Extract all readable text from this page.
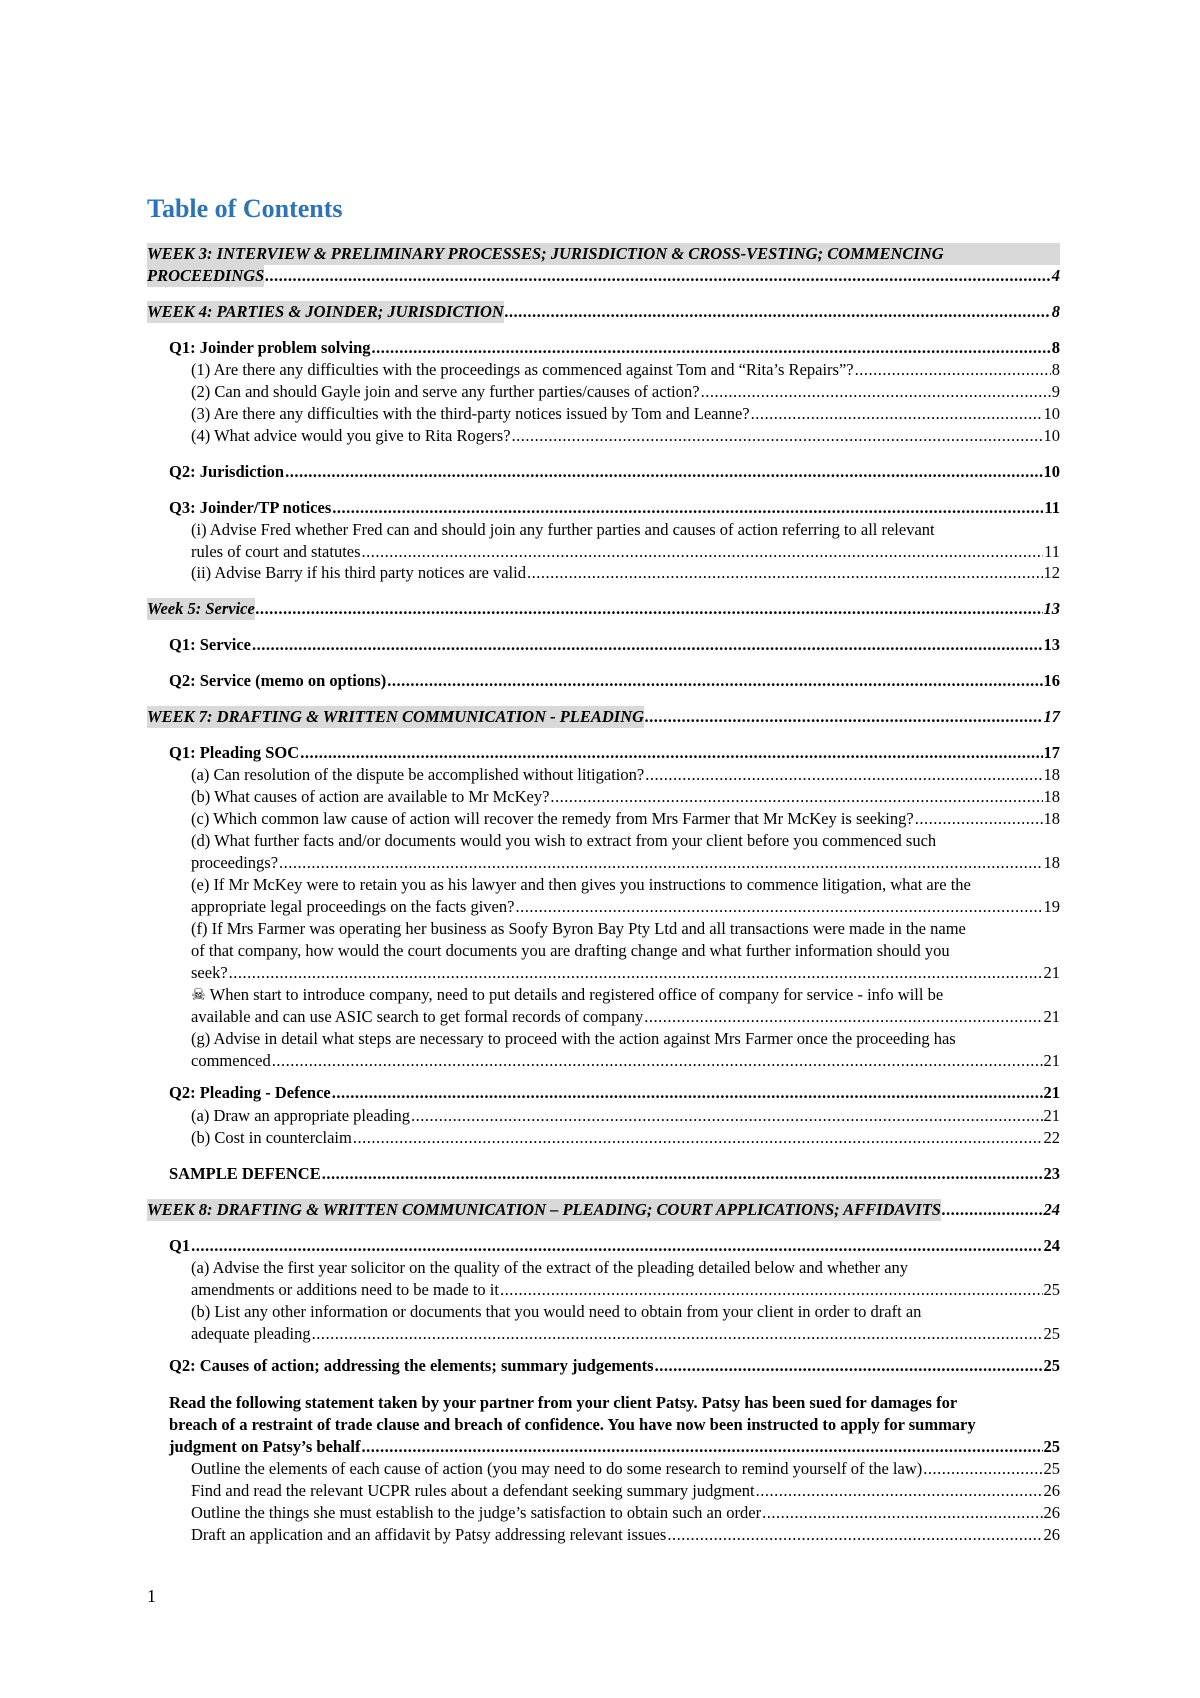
Table of Contents
WEEK 3: INTERVIEW & PRELIMINARY PROCESSES; JURISDICTION & CROSS-VESTING; COMMENCING
PROCEEDINGS .....	4
WEEK 4: PARTIES & JOINDER; JURISDICTION .....	8
Q1: Joinder problem solving .....	8
(1) Are there any difficulties with the proceedings as commenced against Tom and “Rita’s Repairs”? .....	8
(2) Can and should Gayle join and serve any further parties/causes of action? .....	9
(3) Are there any difficulties with the third-party notices issued by Tom and Leanne? .....	10
(4) What advice would you give to Rita Rogers? .....	10
Q2: Jurisdiction .....	10
Q3: Joinder/TP notices .....	11
(i) Advise Fred whether Fred can and should join any further parties and causes of action referring to all relevant
rules of court and statutes .....	11
(ii) Advise Barry if his third party notices are valid .....	12
Week 5: Service .....	13
Q1: Service .....	13
Q2: Service (memo on options) .....	16
WEEK 7: DRAFTING & WRITTEN COMMUNICATION - PLEADING .....	17
Q1: Pleading SOC .....	17
(a) Can resolution of the dispute be accomplished without litigation? .....	18
(b) What causes of action are available to Mr McKey? .....	18
(c) Which common law cause of action will recover the remedy from Mrs Farmer that Mr McKey is seeking? .....	18
(d) What further facts and/or documents would you wish to extract from your client before you commenced such
proceedings? .....	18
(e) If Mr McKey were to retain you as his lawyer and then gives you instructions to commence litigation, what are the
appropriate legal proceedings on the facts given? .....	19
(f) If Mrs Farmer was operating her business as Soofy Byron Bay Pty Ltd and all transactions were made in the name
of that company, how would the court documents you are drafting change and what further information should you
seek? .....	21
☠ When start to introduce company, need to put details and registered office of company for service - info will be
available and can use ASIC search to get formal records of company .....	21
(g) Advise in detail what steps are necessary to proceed with the action against Mrs Farmer once the proceeding has
commenced .....	21
Q2: Pleading - Defence .....	21
(a) Draw an appropriate pleading .....	21
(b) Cost in counterclaim .....	22
SAMPLE DEFENCE .....	23
WEEK 8: DRAFTING & WRITTEN COMMUNICATION – PLEADING; COURT APPLICATIONS; AFFIDAVITS .....	24
Q1 .....	24
(a) Advise the first year solicitor on the quality of the extract of the pleading detailed below and whether any
amendments or additions need to be made to it .....	25
(b) List any other information or documents that you would need to obtain from your client in order to draft an
adequate pleading .....	25
Q2: Causes of action; addressing the elements; summary judgements .....	25
Read the following statement taken by your partner from your client Patsy. Patsy has been sued for damages for
breach of a restraint of trade clause and breach of confidence. You have now been instructed to apply for summary
judgment on Patsy’s behalf .....	25
Outline the elements of each cause of action (you may need to do some research to remind yourself of the law) .....	25
Find and read the relevant UCPR rules about a defendant seeking summary judgment .....	26
Outline the things she must establish to the judge’s satisfaction to obtain such an order .....	26
Draft an application and an affidavit by Patsy addressing relevant issues .....	26
1
